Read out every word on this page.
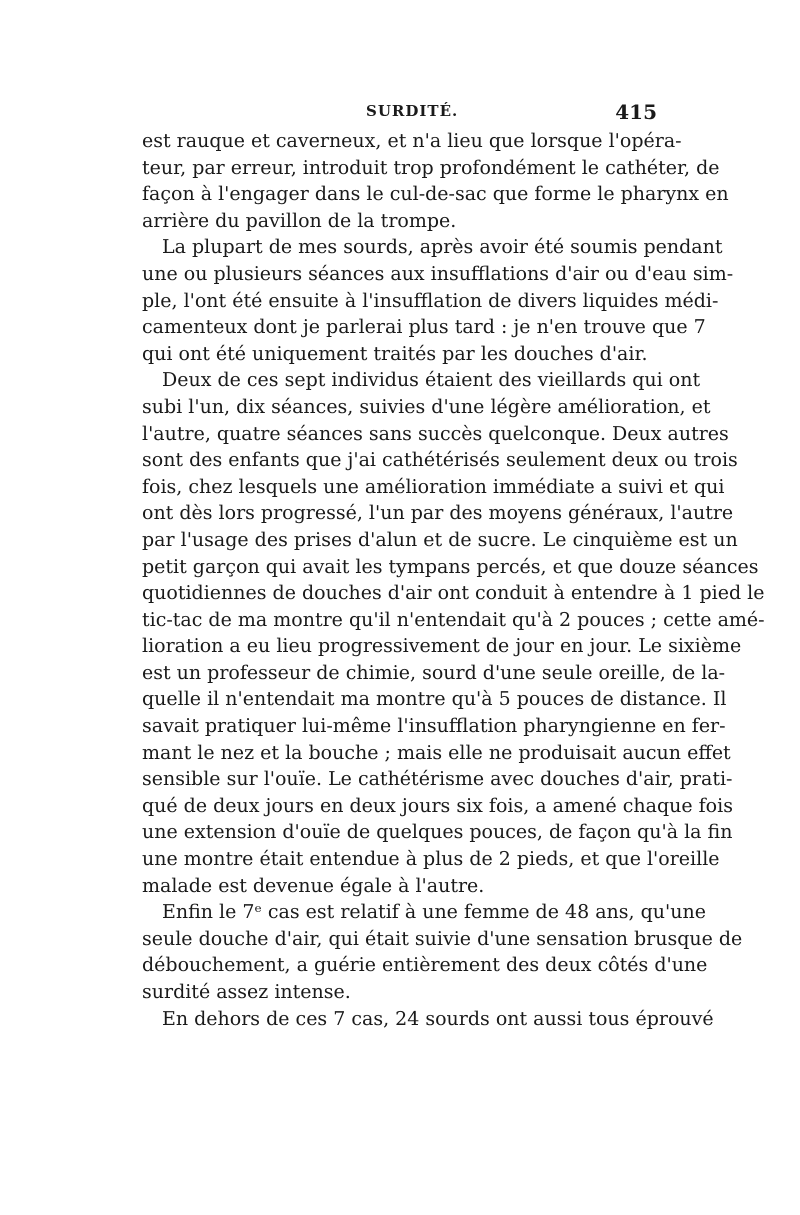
SURDITÉ.	415
est rauque et caverneux, et n'a lieu que lorsque l'opéra-
teur, par erreur, introduit trop profondément le cathéter, de
façon à l'engager dans le cul-de-sac que forme le pharynx en
arrière du pavillon de la trompe.
La plupart de mes sourds, après avoir été soumis pendant
une ou plusieurs séances aux insufflations d'air ou d'eau sim-
ple, l'ont été ensuite à l'insufflation de divers liquides médi-
camenteux dont je parlerai plus tard : je n'en trouve que 7
qui ont été uniquement traités par les douches d'air.
Deux de ces sept individus étaient des vieillards qui ont
subi l'un, dix séances, suivies d'une légère amélioration, et
l'autre, quatre séances sans succès quelconque. Deux autres
sont des enfants que j'ai cathétérisés seulement deux ou trois
fois, chez lesquels une amélioration immédiate a suivi et qui
ont dès lors progressé, l'un par des moyens généraux, l'autre
par l'usage des prises d'alun et de sucre. Le cinquième est un
petit garçon qui avait les tympans percés, et que douze séances
quotidiennes de douches d'air ont conduit à entendre à 1 pied le
tic-tac de ma montre qu'il n'entendait qu'à 2 pouces ; cette amé-
lioration a eu lieu progressivement de jour en jour. Le sixième
est un professeur de chimie, sourd d'une seule oreille, de la-
quelle il n'entendait ma montre qu'à 5 pouces de distance. Il
savait pratiquer lui-même l'insufflation pharyngienne en fer-
mant le nez et la bouche ; mais elle ne produisait aucun effet
sensible sur l'ouïe. Le cathétérisme avec douches d'air, prati-
qué de deux jours en deux jours six fois, a amené chaque fois
une extension d'ouïe de quelques pouces, de façon qu'à la fin
une montre était entendue à plus de 2 pieds, et que l'oreille
malade est devenue égale à l'autre.
Enfin le 7ᵉ cas est relatif à une femme de 48 ans, qu'une
seule douche d'air, qui était suivie d'une sensation brusque de
débouchement, a guérie entièrement des deux côtés d'une
surdité assez intense.
En dehors de ces 7 cas, 24 sourds ont aussi tous éprouvé
